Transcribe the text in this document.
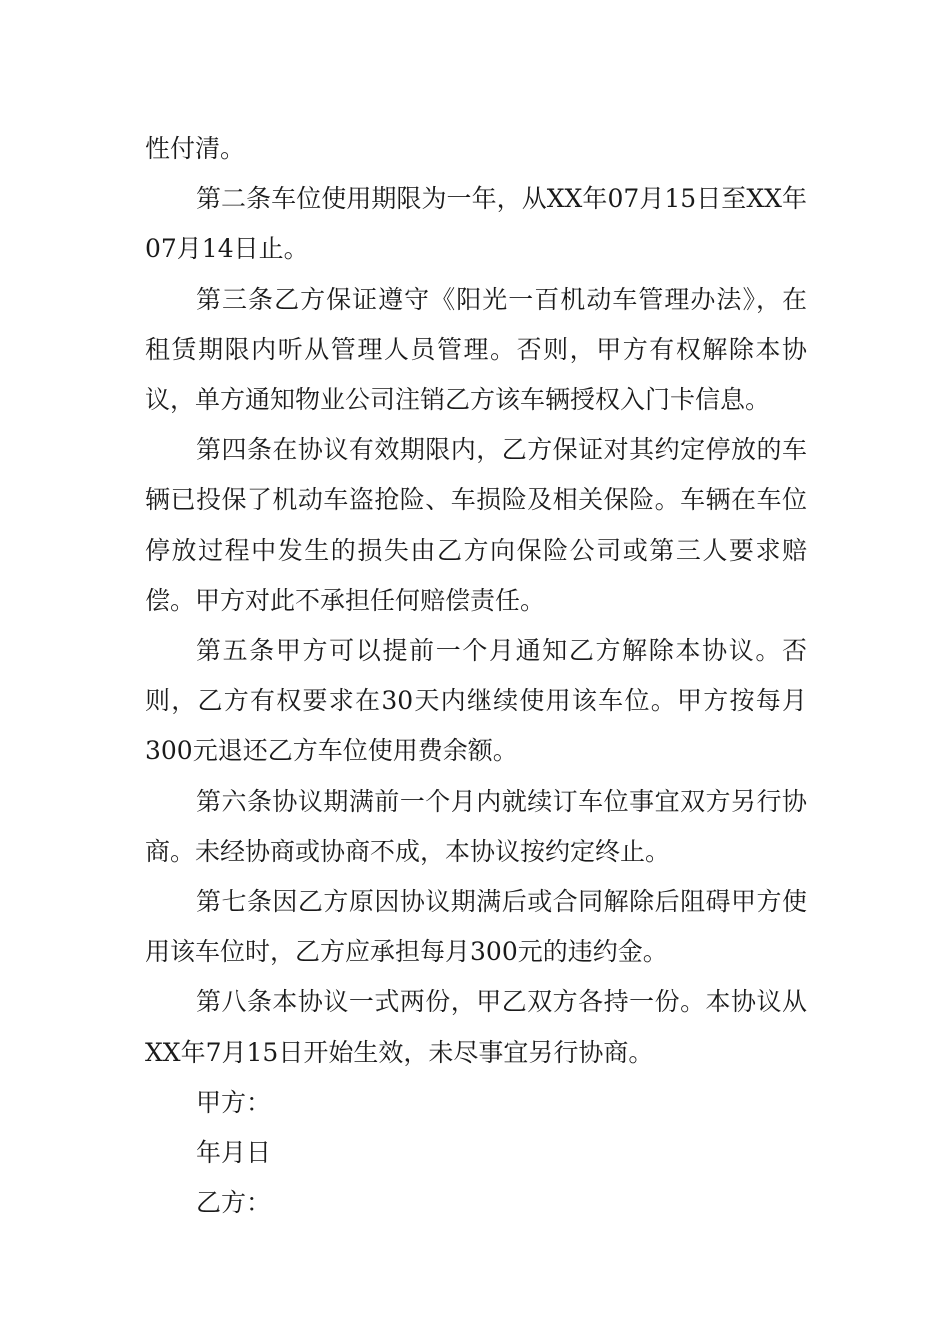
性付清。

第二条车位使用期限为一年，从XX年07月15日至XX年07月14日止。

第三条乙方保证遵守《阳光一百机动车管理办法》，在租赁期限内听从管理人员管理。否则，甲方有权解除本协议，单方通知物业公司注销乙方该车辆授权入门卡信息。

第四条在协议有效期限内，乙方保证对其约定停放的车辆已投保了机动车盗抢险、车损险及相关保险。车辆在车位停放过程中发生的损失由乙方向保险公司或第三人要求赔偿。甲方对此不承担任何赔偿责任。

第五条甲方可以提前一个月通知乙方解除本协议。否则，乙方有权要求在30天内继续使用该车位。甲方按每月300元退还乙方车位使用费余额。

第六条协议期满前一个月内就续订车位事宜双方另行协商。未经协商或协商不成，本协议按约定终止。

第七条因乙方原因协议期满后或合同解除后阻碍甲方使用该车位时，乙方应承担每月300元的违约金。

第八条本协议一式两份，甲乙双方各持一份。本协议从XX年7月15日开始生效，未尽事宜另行协商。

甲方：

年月日

乙方：
